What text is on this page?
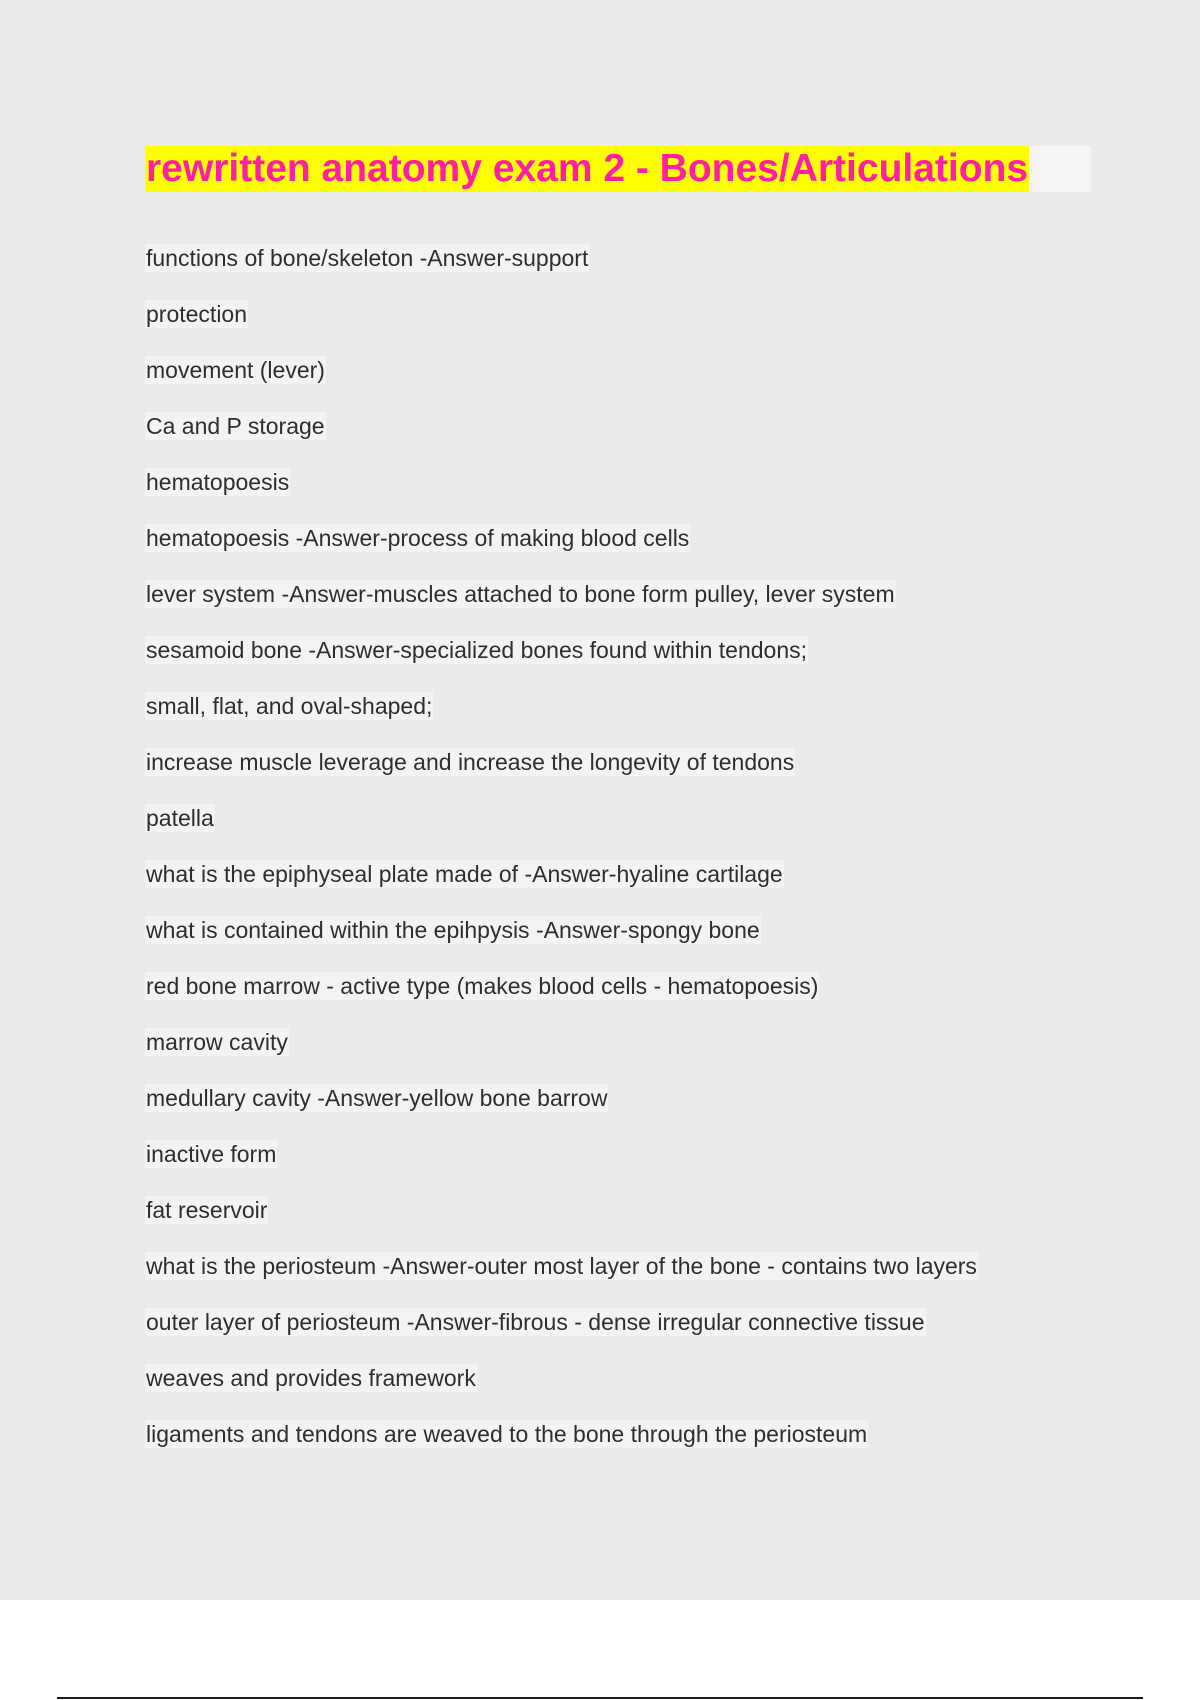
rewritten anatomy exam 2 - Bones/Articulations
functions of bone/skeleton -Answer-support
protection
movement (lever)
Ca and P storage
hematopoesis
hematopoesis -Answer-process of making blood cells
lever system -Answer-muscles attached to bone form pulley, lever system
sesamoid bone -Answer-specialized bones found within tendons;
small, flat, and oval-shaped;
increase muscle leverage and increase the longevity of tendons
patella
what is the epiphyseal plate made of -Answer-hyaline cartilage
what is contained within the epihpysis -Answer-spongy bone
red bone marrow - active type (makes blood cells - hematopoesis)
marrow cavity
medullary cavity -Answer-yellow bone barrow
inactive form
fat reservoir
what is the periosteum -Answer-outer most layer of the bone - contains two layers
outer layer of periosteum -Answer-fibrous - dense irregular connective tissue
weaves and provides framework
ligaments and tendons are weaved to the bone through the periosteum
